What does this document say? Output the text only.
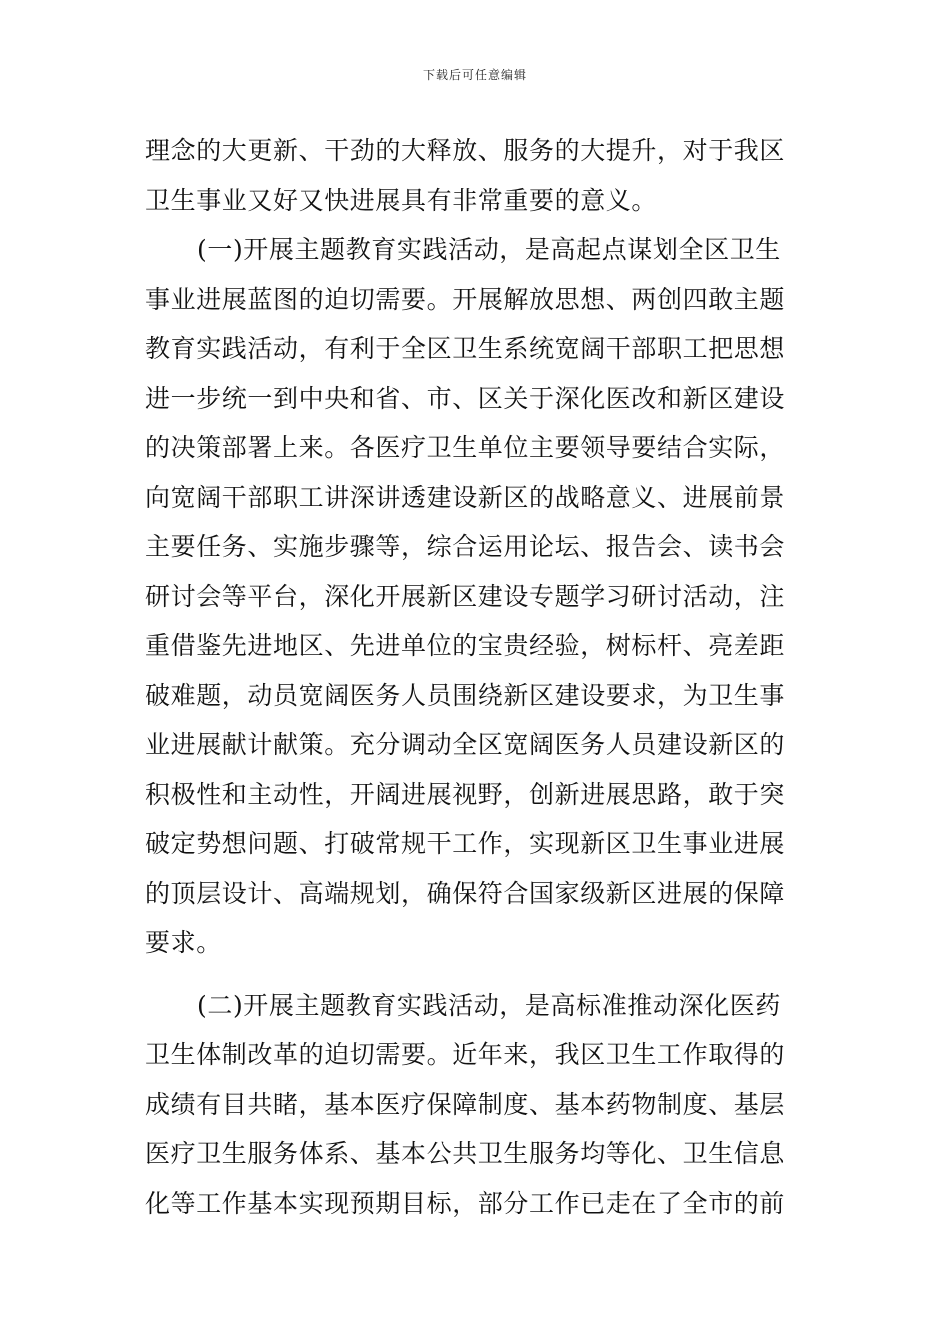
下载后可任意编辑
理念的大更新、干劲的大释放、服务的大提升，对于我区
卫生事业又好又快进展具有非常重要的意义。
(一)开展主题教育实践活动，是高起点谋划全区卫生
事业进展蓝图的迫切需要。开展解放思想、两创四敢主题
教育实践活动，有利于全区卫生系统宽阔干部职工把思想
进一步统一到中央和省、市、区关于深化医改和新区建设
的决策部署上来。各医疗卫生单位主要领导要结合实际，
向宽阔干部职工讲深讲透建设新区的战略意义、进展前景
主要任务、实施步骤等，综合运用论坛、报告会、读书会
研讨会等平台，深化开展新区建设专题学习研讨活动，注
重借鉴先进地区、先进单位的宝贵经验，树标杆、亮差距
破难题，动员宽阔医务人员围绕新区建设要求，为卫生事
业进展献计献策。充分调动全区宽阔医务人员建设新区的
积极性和主动性，开阔进展视野，创新进展思路，敢于突
破定势想问题、打破常规干工作，实现新区卫生事业进展
的顶层设计、高端规划，确保符合国家级新区进展的保障
要求。
(二)开展主题教育实践活动，是高标准推动深化医药
卫生体制改革的迫切需要。近年来，我区卫生工作取得的
成绩有目共睹，基本医疗保障制度、基本药物制度、基层
医疗卫生服务体系、基本公共卫生服务均等化、卫生信息
化等工作基本实现预期目标，部分工作已走在了全市的前
